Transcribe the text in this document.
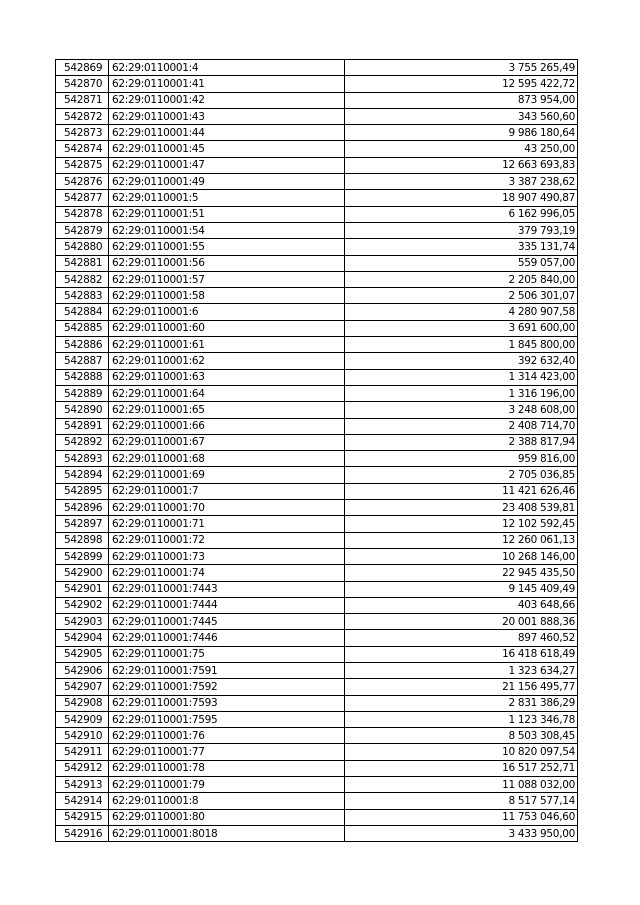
542869	62:29:0110001:4	3 755 265,49
542870	62:29:0110001:41	12 595 422,72
542871	62:29:0110001:42	873 954,00
542872	62:29:0110001:43	343 560,60
542873	62:29:0110001:44	9 986 180,64
542874	62:29:0110001:45	43 250,00
542875	62:29:0110001:47	12 663 693,83
542876	62:29:0110001:49	3 387 238,62
542877	62:29:0110001:5	18 907 490,87
542878	62:29:0110001:51	6 162 996,05
542879	62:29:0110001:54	379 793,19
542880	62:29:0110001:55	335 131,74
542881	62:29:0110001:56	559 057,00
542882	62:29:0110001:57	2 205 840,00
542883	62:29:0110001:58	2 506 301,07
542884	62:29:0110001:6	4 280 907,58
542885	62:29:0110001:60	3 691 600,00
542886	62:29:0110001:61	1 845 800,00
542887	62:29:0110001:62	392 632,40
542888	62:29:0110001:63	1 314 423,00
542889	62:29:0110001:64	1 316 196,00
542890	62:29:0110001:65	3 248 608,00
542891	62:29:0110001:66	2 408 714,70
542892	62:29:0110001:67	2 388 817,94
542893	62:29:0110001:68	959 816,00
542894	62:29:0110001:69	2 705 036,85
542895	62:29:0110001:7	11 421 626,46
542896	62:29:0110001:70	23 408 539,81
542897	62:29:0110001:71	12 102 592,45
542898	62:29:0110001:72	12 260 061,13
542899	62:29:0110001:73	10 268 146,00
542900	62:29:0110001:74	22 945 435,50
542901	62:29:0110001:7443	9 145 409,49
542902	62:29:0110001:7444	403 648,66
542903	62:29:0110001:7445	20 001 888,36
542904	62:29:0110001:7446	897 460,52
542905	62:29:0110001:75	16 418 618,49
542906	62:29:0110001:7591	1 323 634,27
542907	62:29:0110001:7592	21 156 495,77
542908	62:29:0110001:7593	2 831 386,29
542909	62:29:0110001:7595	1 123 346,78
542910	62:29:0110001:76	8 503 308,45
542911	62:29:0110001:77	10 820 097,54
542912	62:29:0110001:78	16 517 252,71
542913	62:29:0110001:79	11 088 032,00
542914	62:29:0110001:8	8 517 577,14
542915	62:29:0110001:80	11 753 046,60
542916	62:29:0110001:8018	3 433 950,00
